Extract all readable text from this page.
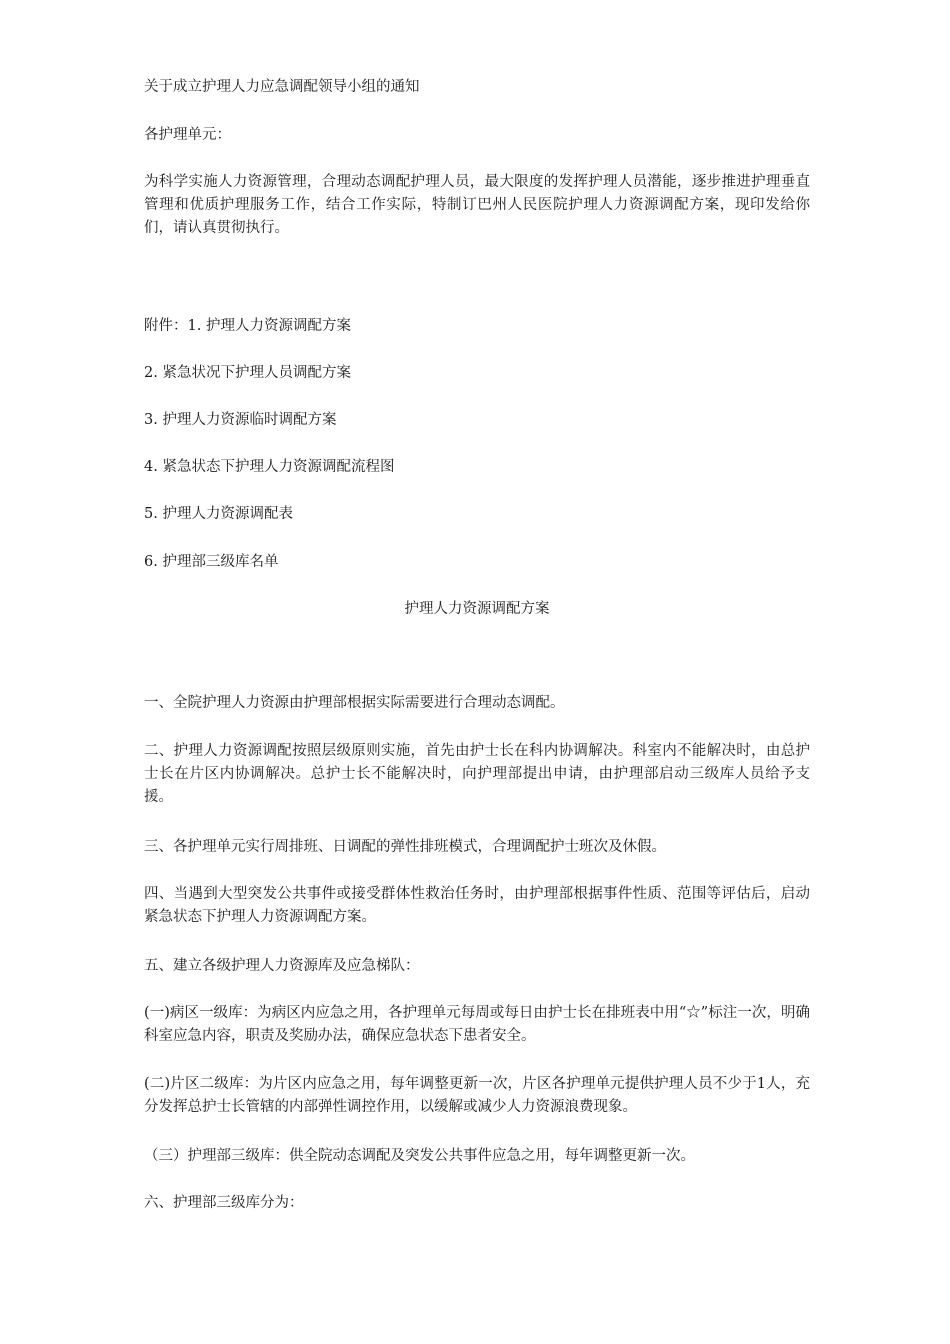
关于成立护理人力应急调配领导小组的通知

各护理单元：

为科学实施人力资源管理，合理动态调配护理人员，最大限度的发挥护理人员潜能，逐步推进护理垂直管理和优质护理服务工作，结合工作实际，特制订巴州人民医院护理人力资源调配方案，现印发给你们，请认真贯彻执行。

附件：1. 护理人力资源调配方案

2. 紧急状况下护理人员调配方案

3. 护理人力资源临时调配方案

4. 紧急状态下护理人力资源调配流程图

5. 护理人力资源调配表

6. 护理部三级库名单

护理人力资源调配方案

一、全院护理人力资源由护理部根据实际需要进行合理动态调配。

二、护理人力资源调配按照层级原则实施，首先由护士长在科内协调解决。科室内不能解决时，由总护士长在片区内协调解决。总护士长不能解决时，向护理部提出申请，由护理部启动三级库人员给予支援。

三、各护理单元实行周排班、日调配的弹性排班模式，合理调配护士班次及休假。

四、当遇到大型突发公共事件或接受群体性救治任务时，由护理部根据事件性质、范围等评估后，启动紧急状态下护理人力资源调配方案。

五、建立各级护理人力资源库及应急梯队：

(一)病区一级库：为病区内应急之用，各护理单元每周或每日由护士长在排班表中用“☆”标注一次，明确科室应急内容，职责及奖励办法，确保应急状态下患者安全。

(二)片区二级库：为片区内应急之用，每年调整更新一次，片区各护理单元提供护理人员不少于1人，充分发挥总护士长管辖的内部弹性调控作用，以缓解或减少人力资源浪费现象。

（三）护理部三级库：供全院动态调配及突发公共事件应急之用，每年调整更新一次。

六、护理部三级库分为：
